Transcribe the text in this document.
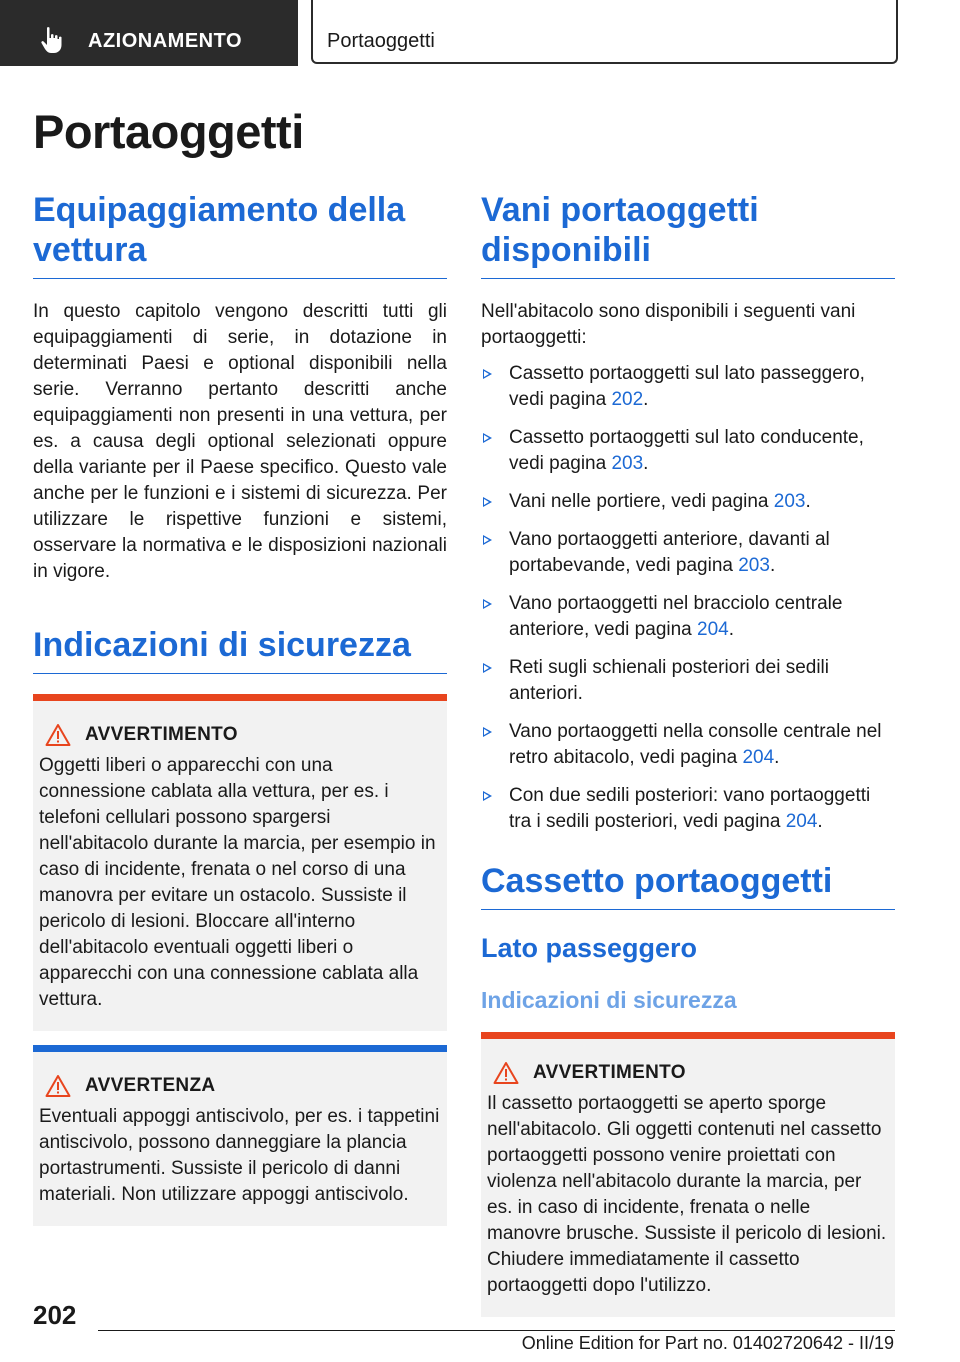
AZIONAMENTO	Portaoggetti
Portaoggetti
Equipaggiamento della vettura

In questo capitolo vengono descritti tutti gli equipaggiamenti di serie, in dotazione in determinati Paesi e optional disponibili nella serie. Verranno pertanto descritti anche equipaggiamenti non presenti in una vettura, per es. a causa degli optional selezionati oppure della variante per il Paese specifico. Questo vale anche per le funzioni e i sistemi di sicurezza. Per utilizzare le rispettive funzioni e sistemi, osservare la normativa e le disposizioni nazionali in vigore.

Indicazioni di sicurezza
AVVERTIMENTO

Oggetti liberi o apparecchi con una connessione cablata alla vettura, per es. i telefoni cellulari possono spargersi nell'abitacolo durante la marcia, per esempio in caso di incidente, frenata o nel corso di una manovra per evitare un ostacolo. Sussiste il pericolo di lesioni. Bloccare all'interno dell'abitacolo eventuali oggetti liberi o apparecchi con una connessione cablata alla vettura.

AVVERTENZA

Eventuali appoggi antiscivolo, per es. i tappetini antiscivolo, possono danneggiare la plancia portastrumenti. Sussiste il pericolo di danni materiali. Non utilizzare appoggi antiscivolo.

Vani portaoggetti disponibili

Nell'abitacolo sono disponibili i seguenti vani portaoggetti:

Cassetto portaoggetti sul lato passeggero, vedi pagina 202.
Cassetto portaoggetti sul lato conducente, vedi pagina 203.
Vani nelle portiere, vedi pagina 203.
Vano portaoggetti anteriore, davanti al portabevande, vedi pagina 203.
Vano portaoggetti nel bracciolo centrale anteriore, vedi pagina 204.
Reti sugli schienali posteriori dei sedili anteriori.
Vano portaoggetti nella consolle centrale nel retro abitacolo, vedi pagina 204.
Con due sedili posteriori: vano portaoggetti tra i sedili posteriori, vedi pagina 204.
Cassetto portaoggetti
Lato passeggero
Indicazioni di sicurezza
AVVERTIMENTO

Il cassetto portaoggetti se aperto sporge nell'abitacolo. Gli oggetti contenuti nel cassetto portaoggetti possono venire proiettati con violenza nell'abitacolo durante la marcia, per es. in caso di incidente, frenata o nelle manovre brusche. Sussiste il pericolo di lesioni. Chiudere immediatamente il cassetto portaoggetti dopo l'utilizzo.

202
Online Edition for Part no. 01402720642 - II/19
